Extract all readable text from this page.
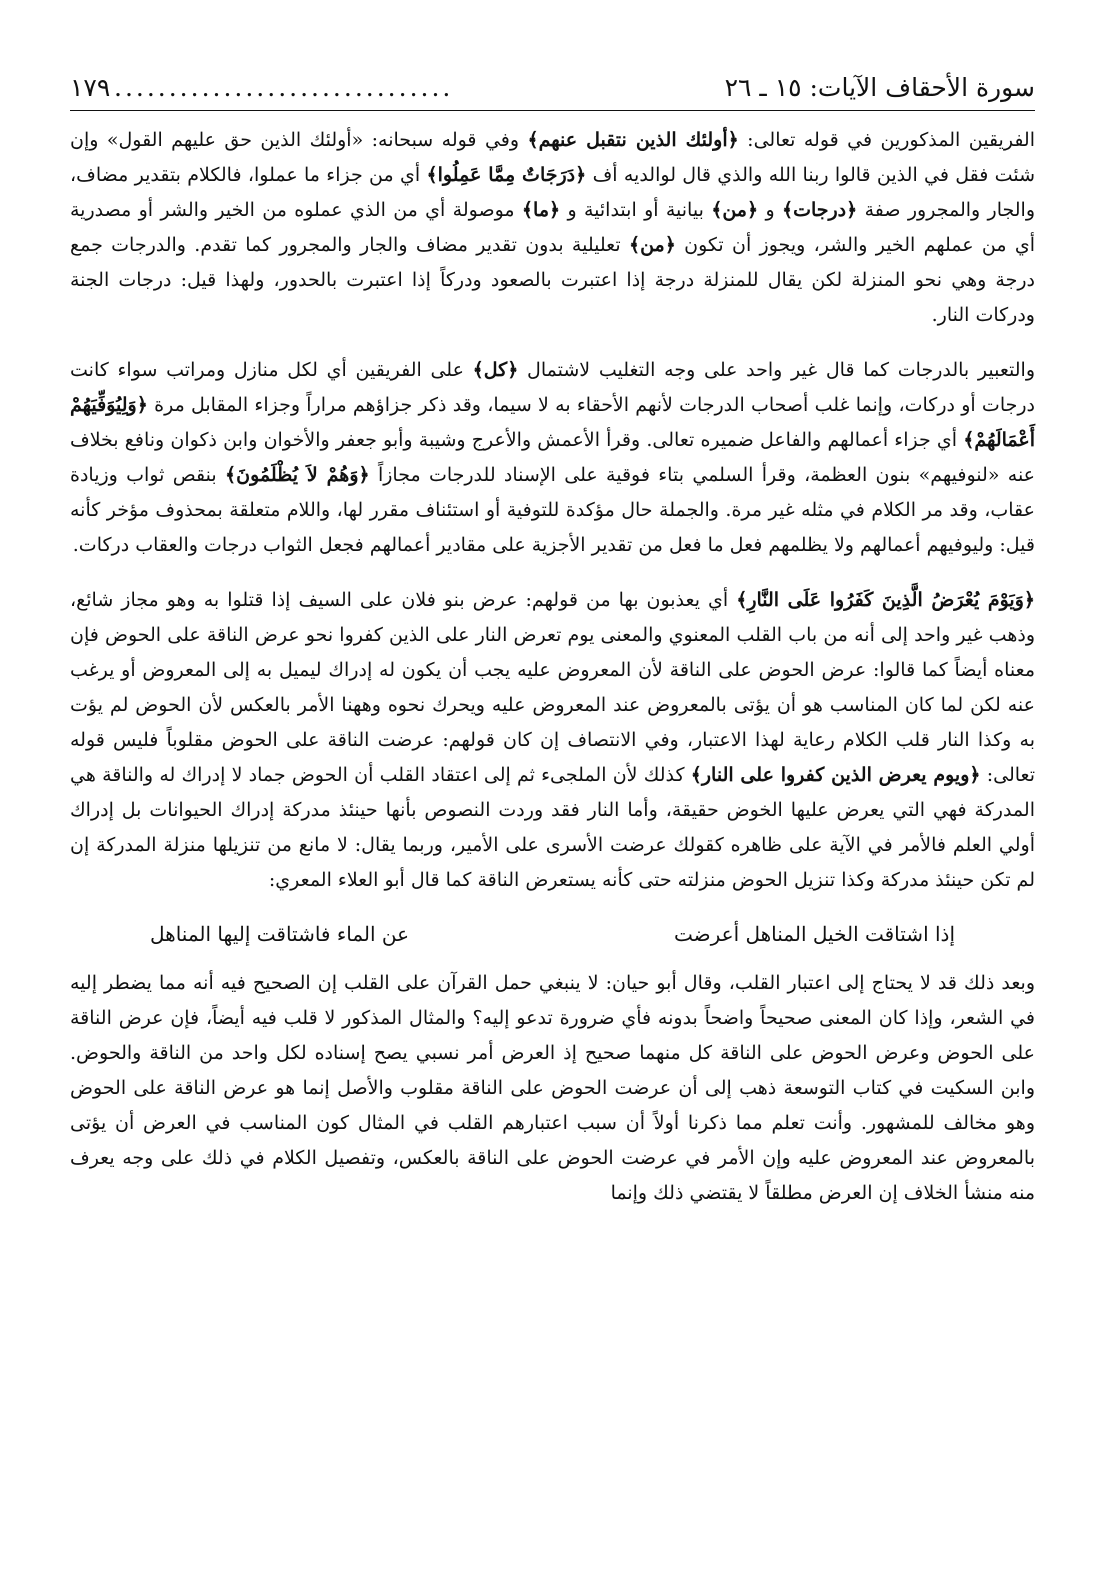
سورة الأحقاف الآيات: ١٥ ـ ٢٦
...............................
١٧٩

الفريقين المذكورين في قوله تعالى: ﴿أولئك الذين نتقبل عنهم﴾ وفي قوله سبحانه: «أولئك الذين حق عليهم القول» وإن شئت فقل في الذين قالوا ربنا الله والذي قال لوالديه أف ﴿دَرَجَاتٌ مِمَّا عَمِلُوا﴾ أي من جزاء ما عملوا، فالكلام بتقدير مضاف، والجار والمجرور صفة ﴿درجات﴾ و ﴿من﴾ بيانية أو ابتدائية و ﴿ما﴾ موصولة أي من الذي عملوه من الخير والشر أو مصدرية أي من عملهم الخير والشر، ويجوز أن تكون ﴿من﴾ تعليلية بدون تقدير مضاف والجار والمجرور كما تقدم. والدرجات جمع درجة وهي نحو المنزلة لكن يقال للمنزلة درجة إذا اعتبرت بالصعود ودركاً إذا اعتبرت بالحدور، ولهذا قيل: درجات الجنة ودركات النار.

والتعبير بالدرجات كما قال غير واحد على وجه التغليب لاشتمال ﴿كل﴾ على الفريقين أي لكل منازل ومراتب سواء كانت درجات أو دركات، وإنما غلب أصحاب الدرجات لأنهم الأحقاء به لا سيما، وقد ذكر جزاؤهم مراراً وجزاء المقابل مرة ﴿وَلِيُوَفِّيَهُمْ أَعْمَالَهُمْ﴾ أي جزاء أعمالهم والفاعل ضميره تعالى. وقرأ الأعمش والأعرج وشيبة وأبو جعفر والأخوان وابن ذكوان ونافع بخلاف عنه «لنوفيهم» بنون العظمة، وقرأ السلمي بتاء فوقية على الإسناد للدرجات مجازاً ﴿وَهُمْ لاَ يُظْلَمُونَ﴾ بنقص ثواب وزيادة عقاب، وقد مر الكلام في مثله غير مرة. والجملة حال مؤكدة للتوفية أو استئناف مقرر لها، واللام متعلقة بمحذوف مؤخر كأنه قيل: وليوفيهم أعمالهم ولا يظلمهم فعل ما فعل من تقدير الأجزية على مقادير أعمالهم فجعل الثواب درجات والعقاب دركات.

﴿وَيَوْمَ يُعْرَضُ الَّذِينَ كَفَرُوا عَلَى النَّارِ﴾ أي يعذبون بها من قولهم: عرض بنو فلان على السيف إذا قتلوا به وهو مجاز شائع، وذهب غير واحد إلى أنه من باب القلب المعنوي والمعنى يوم تعرض النار على الذين كفروا نحو عرض الناقة على الحوض فإن معناه أيضاً كما قالوا: عرض الحوض على الناقة لأن المعروض عليه يجب أن يكون له إدراك ليميل به إلى المعروض أو يرغب عنه لكن لما كان المناسب هو أن يؤتى بالمعروض عند المعروض عليه ويحرك نحوه وههنا الأمر بالعكس لأن الحوض لم يؤت به وكذا النار قلب الكلام رعاية لهذا الاعتبار، وفي الانتصاف إن كان قولهم: عرضت الناقة على الحوض مقلوباً فليس قوله تعالى: ﴿ويوم يعرض الذين كفروا على النار﴾ كذلك لأن الملجىء ثم إلى اعتقاد القلب أن الحوض جماد لا إدراك له والناقة هي المدركة فهي التي يعرض عليها الخوض حقيقة، وأما النار فقد وردت النصوص بأنها حينئذ مدركة إدراك الحيوانات بل إدراك أولي العلم فالأمر في الآية على ظاهره كقولك عرضت الأسرى على الأمير، وربما يقال: لا مانع من تنزيلها منزلة المدركة إن لم تكن حينئذ مدركة وكذا تنزيل الحوض منزلته حتى كأنه يستعرض الناقة كما قال أبو العلاء المعري:

إذا اشتاقت الخيل المناهل أعرضت
عن الماء فاشتاقت إليها المناهل

وبعد ذلك قد لا يحتاج إلى اعتبار القلب، وقال أبو حيان: لا ينبغي حمل القرآن على القلب إن الصحيح فيه أنه مما يضطر إليه في الشعر، وإذا كان المعنى صحيحاً واضحاً بدونه فأي ضرورة تدعو إليه؟ والمثال المذكور لا قلب فيه أيضاً، فإن عرض الناقة على الحوض وعرض الحوض على الناقة كل منهما صحيح إذ العرض أمر نسبي يصح إسناده لكل واحد من الناقة والحوض. وابن السكيت في كتاب التوسعة ذهب إلى أن عرضت الحوض على الناقة مقلوب والأصل إنما هو عرض الناقة على الحوض وهو مخالف للمشهور. وأنت تعلم مما ذكرنا أولاً أن سبب اعتبارهم القلب في المثال كون المناسب في العرض أن يؤتى بالمعروض عند المعروض عليه وإن الأمر في عرضت الحوض على الناقة بالعكس، وتفصيل الكلام في ذلك على وجه يعرف منه منشأ الخلاف إن العرض مطلقاً لا يقتضي ذلك وإنما
